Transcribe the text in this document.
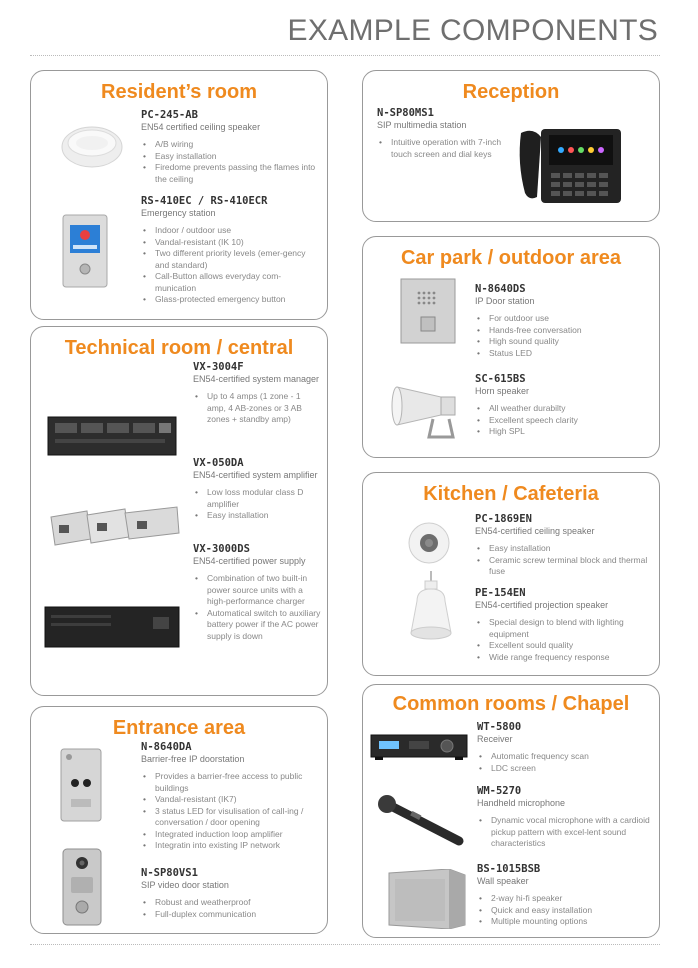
EXAMPLE COMPONENTS
Resident’s room
PC-245-AB
EN54 certified ceiling speaker
• A/B wiring
• Easy installation
• Firedome prevents passing the flames into the ceiling
RS-410EC / RS-410ECR
Emergency station
• Indoor / outdoor use
• Vandal-resistant (IK 10)
• Two different priority levels (emer-gency and standard)
• Call-Button allows everyday com-munication
• Glass-protected emergency button
Technical room / central
VX-3004F
EN54-certified system manager
• Up to 4 amps (1 zone - 1 amp, 4 AB-zones or 3 AB zones + standby amp)
VX-050DA
EN54-certified system amplifier
• Low loss modular class D amplifier
• Easy installation
VX-3000DS
EN54-certified power supply
• Combination of two built-in power source units with a high-performance charger
• Automatical switch to auxiliary battery power if the AC power supply is down
Entrance area
N-8640DA
Barrier-free IP doorstation
• Provides a barrier-free access to public buildings
• Vandal-resistant (IK7)
• 3 status LED for visulisation of call-ing / conversation / door opening
• Integrated induction loop amplifier
• Integratin into existing IP network
N-SP80VS1
SIP video door station
• Robust and weatherproof
• Full-duplex communication
Reception
N-SP80MS1
SIP multimedia station
• Intuitive operation with 7-inch touch screen and dial keys
Car park / outdoor area
N-8640DS
IP Door station
• For outdoor use
• Hands-free conversation
• High sound quality
• Status LED
SC-615BS
Horn speaker
• All weather durabilty
• Excellent speech clarity
• High SPL
Kitchen / Cafeteria
PC-1869EN
EN54-certified ceiling speaker
• Easy installation
• Ceramic screw terminal block and thermal fuse
PE-154EN
EN54-certified projection speaker
• Special design to blend with lighting equipment
• Excellent sould quality
• Wide range frequency response
Common rooms / Chapel
WT-5800
Receiver
• Automatic frequency scan
• LDC screen
WM-5270
Handheld microphone
• Dynamic vocal microphone with a cardioid pickup pattern with excel-lent sound characteristics
BS-1015BSB
Wall speaker
• 2-way hi-fi speaker
• Quick and easy installation
• Multiple mounting options
